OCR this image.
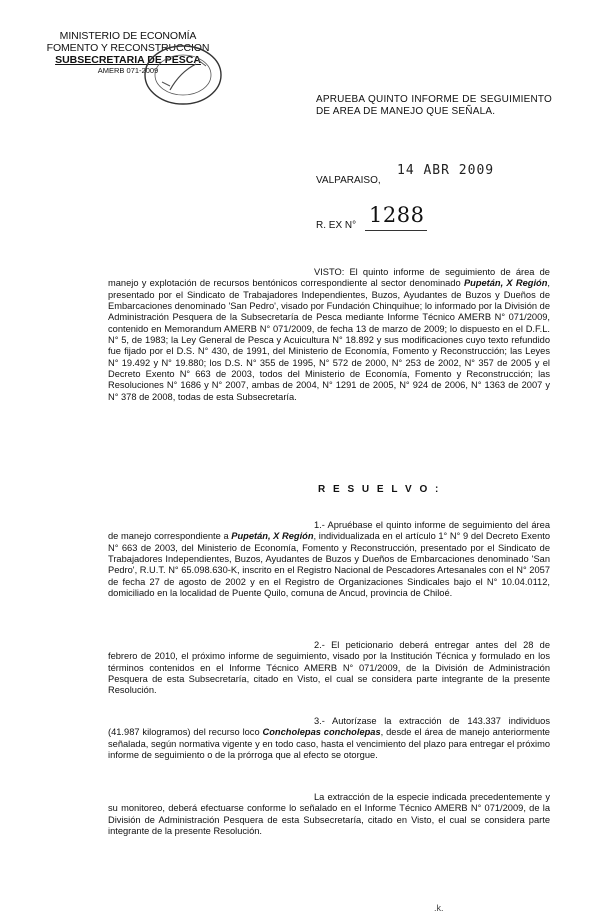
MINISTERIO DE ECONOMÍA
FOMENTO Y RECONSTRUCCION
SUBSECRETARIA DE PESCA
AMERB 071-2009
APRUEBA QUINTO INFORME DE SEGUIMIENTO DE AREA DE MANEJO QUE SEÑALA.
VALPARAISO,
14 ABR 2009
R. EX N° 1288
VISTO: El quinto informe de seguimiento de área de manejo y explotación de recursos bentónicos correspondiente al sector denominado Pupetán, X Región, presentado por el Sindicato de Trabajadores Independientes, Buzos, Ayudantes de Buzos y Dueños de Embarcaciones denominado 'San Pedro', visado por Fundación Chinquihue; lo informado por la División de Administración Pesquera de la Subsecretaría de Pesca mediante Informe Técnico AMERB N° 071/2009, contenido en Memorandum AMERB N° 071/2009, de fecha 13 de marzo de 2009; lo dispuesto en el D.F.L. N° 5, de 1983; la Ley General de Pesca y Acuicultura N° 18.892 y sus modificaciones cuyo texto refundido fue fijado por el D.S. N° 430, de 1991, del Ministerio de Economía, Fomento y Reconstrucción; las Leyes N° 19.492 y N° 19.880; los D.S. N° 355 de 1995, N° 572 de 2000, N° 253 de 2002, N° 357 de 2005 y el Decreto Exento N° 663 de 2003, todos del Ministerio de Economía, Fomento y Reconstrucción; las Resoluciones N° 1686 y N° 2007, ambas de 2004, N° 1291 de 2005, N° 924 de 2006, N° 1363 de 2007 y N° 378 de 2008, todas de esta Subsecretaría.
R E S U E L V O :
1.- Apruébase el quinto informe de seguimiento del área de manejo correspondiente a Pupetán, X Región, individualizada en el artículo 1° N° 9 del Decreto Exento N° 663 de 2003, del Ministerio de Economía, Fomento y Reconstrucción, presentado por el Sindicato de Trabajadores Independientes, Buzos, Ayudantes de Buzos y Dueños de Embarcaciones denominado 'San Pedro', R.U.T. N° 65.098.630-K, inscrito en el Registro Nacional de Pescadores Artesanales con el N° 2057 de fecha 27 de agosto de 2002 y en el Registro de Organizaciones Sindicales bajo el N° 10.04.0112, domiciliado en la localidad de Puente Quilo, comuna de Ancud, provincia de Chiloé.
2.- El peticionario deberá entregar antes del 28 de febrero de 2010, el próximo informe de seguimiento, visado por la Institución Técnica y formulado en los términos contenidos en el Informe Técnico AMERB N° 071/2009, de la División de Administración Pesquera de esta Subsecretaría, citado en Visto, el cual se considera parte integrante de la presente Resolución.
3.- Autorízase la extracción de 143.337 individuos (41.987 kilogramos) del recurso loco Concholepas concholepas, desde el área de manejo anteriormente señalada, según normativa vigente y en todo caso, hasta el vencimiento del plazo para entregar el próximo informe de seguimiento o de la prórroga que al efecto se otorgue.
La extracción de la especie indicada precedentemente y su monitoreo, deberá efectuarse conforme lo señalado en el Informe Técnico AMERB N° 071/2009, de la División de Administración Pesquera de esta Subsecretaría, citado en Visto, el cual se considera parte integrante de la presente Resolución.
.k.
